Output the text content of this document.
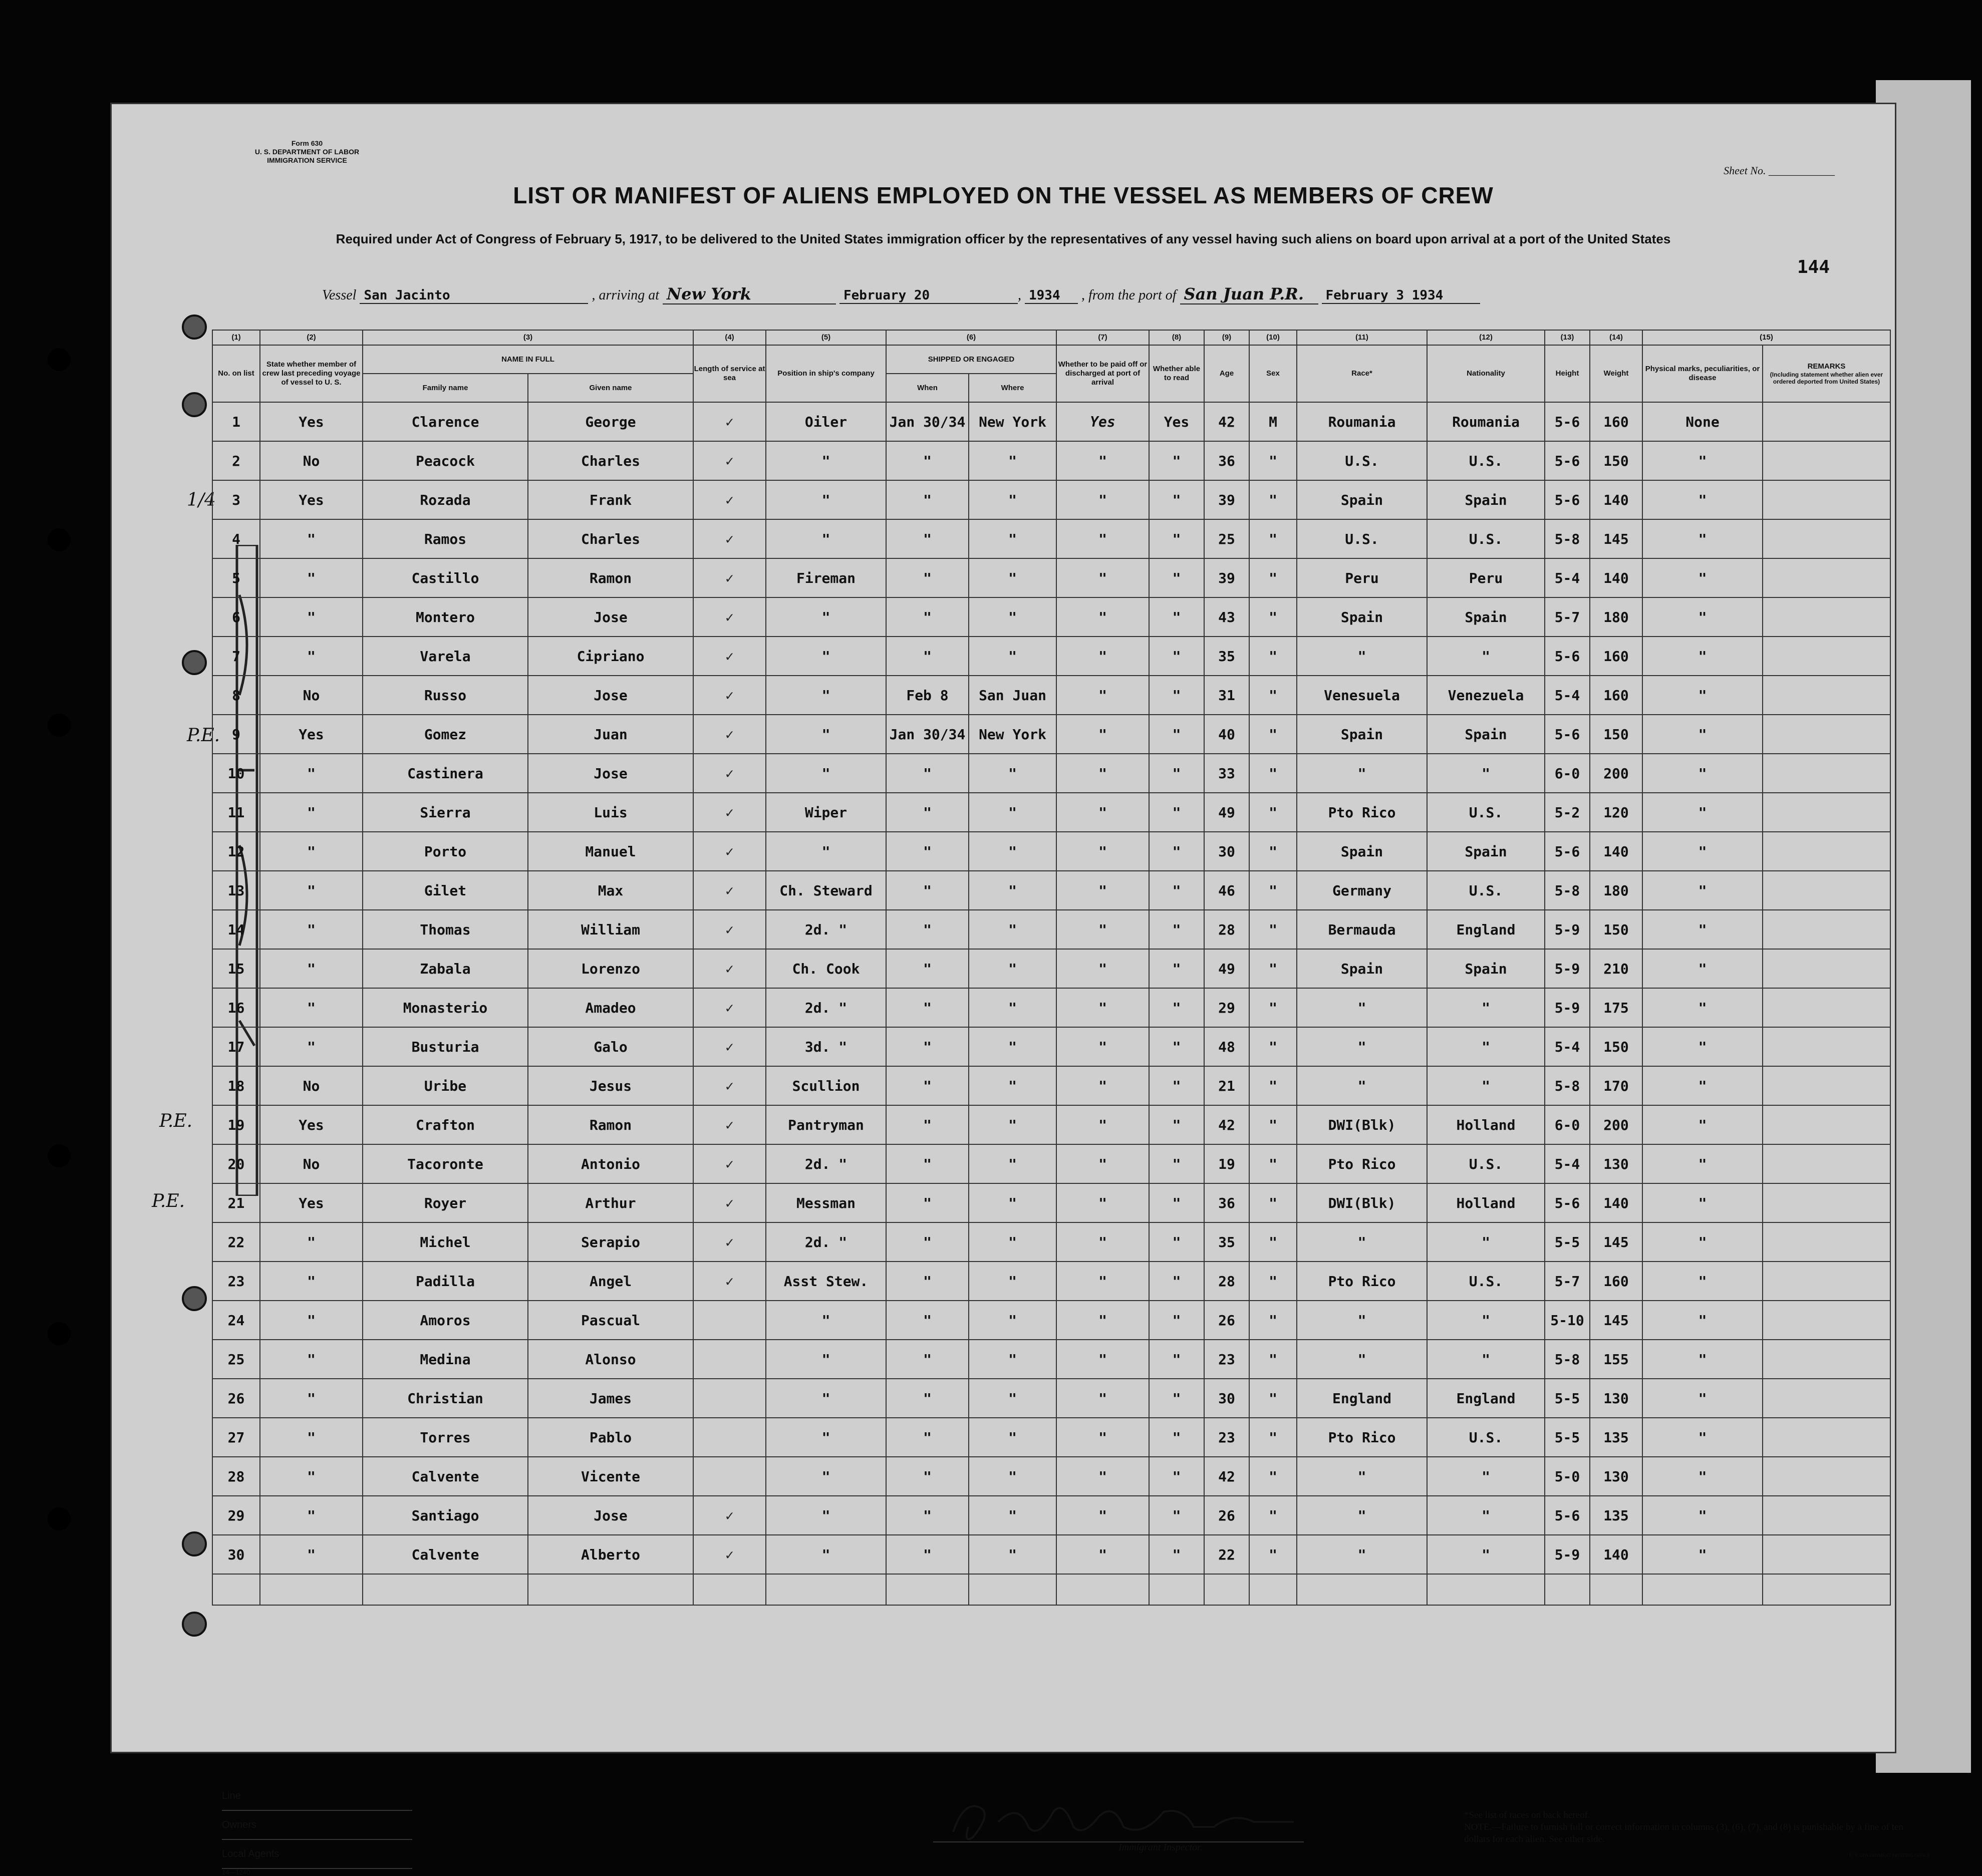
Form 630
U. S. DEPARTMENT OF LABOR
IMMIGRATION SERVICE
Sheet No. ____________
LIST OR MANIFEST OF ALIENS EMPLOYED ON THE VESSEL AS MEMBERS OF CREW
Required under Act of Congress of February 5, 1917, to be delivered to the United States immigration officer by the representatives of any vessel having such aliens on board upon arrival at a port of the United States
144
1/4
P.E.
P.E.
P.E.
Vessel San Jacinto	, arriving at New York	February 20	, 1934 , from the port of San Juan P.R. February 3 1934
(1)	(2)	(3)		(4)	(5)	(6)		(7)	(8)	(9)	(10)	(11)	(12)	(13)	(14)	(15)	
No. on list	State whether member of crew last preceding voyage of vessel to U. S.	NAME IN FULL		Length of service at sea	Position in ship's company	SHIPPED OR ENGAGED		Whether to be paid off or discharged at port of arrival	Whether able to read	Age	Sex	Race*	Nationality	Height	Weight	Physical marks, peculiarities, or disease	REMARKS
(Including statement whether alien ever ordered deported from United States)

		Family name	Given name			When	Where										
1	Yes	Clarence	George	✓	Oiler	Jan 30/34	New York	Yes	Yes	42	M	Roumania	Roumania	5-6	160	None	
2	No	Peacock	Charles	✓	"	"	"	"	"	36	"	U.S.	U.S.	5-6	150	"	
3	Yes	Rozada	Frank	✓	"	"	"	"	"	39	"	Spain	Spain	5-6	140	"	
4	"	Ramos	Charles	✓	"	"	"	"	"	25	"	U.S.	U.S.	5-8	145	"	
5	"	Castillo	Ramon	✓	Fireman	"	"	"	"	39	"	Peru	Peru	5-4	140	"	
6	"	Montero	Jose	✓	"	"	"	"	"	43	"	Spain	Spain	5-7	180	"	
7	"	Varela	Cipriano	✓	"	"	"	"	"	35	"	"	"	5-6	160	"	
8	No	Russo	Jose	✓	"	Feb 8	San Juan	"	"	31	"	Venesuela	Venezuela	5-4	160	"	
9	Yes	Gomez	Juan	✓	"	Jan 30/34	New York	"	"	40	"	Spain	Spain	5-6	150	"	
10	"	Castinera	Jose	✓	"	"	"	"	"	33	"	"	"	6-0	200	"	
11	"	Sierra	Luis	✓	Wiper	"	"	"	"	49	"	Pto Rico	U.S.	5-2	120	"	
12	"	Porto	Manuel	✓	"	"	"	"	"	30	"	Spain	Spain	5-6	140	"	
13	"	Gilet	Max	✓	Ch. Steward	"	"	"	"	46	"	Germany	U.S.	5-8	180	"	
14	"	Thomas	William	✓	2d. "	"	"	"	"	28	"	Bermauda	England	5-9	150	"	
15	"	Zabala	Lorenzo	✓	Ch. Cook	"	"	"	"	49	"	Spain	Spain	5-9	210	"	
16	"	Monasterio	Amadeo	✓	2d. "	"	"	"	"	29	"	"	"	5-9	175	"	
17	"	Busturia	Galo	✓	3d. "	"	"	"	"	48	"	"	"	5-4	150	"	
18	No	Uribe	Jesus	✓	Scullion	"	"	"	"	21	"	"	"	5-8	170	"	
19	Yes	Crafton	Ramon	✓	Pantryman	"	"	"	"	42	"	DWI(Blk)	Holland	6-0	200	"	
20	No	Tacoronte	Antonio	✓	2d. "	"	"	"	"	19	"	Pto Rico	U.S.	5-4	130	"	
21	Yes	Royer	Arthur	✓	Messman	"	"	"	"	36	"	DWI(Blk)	Holland	5-6	140	"	
22	"	Michel	Serapio	✓	2d. "	"	"	"	"	35	"	"	"	5-5	145	"	
23	"	Padilla	Angel	✓	Asst Stew.	"	"	"	"	28	"	Pto Rico	U.S.	5-7	160	"	
24	"	Amoros	Pascual		"	"	"	"	"	26	"	"	"	5-10	145	"	
25	"	Medina	Alonso		"	"	"	"	"	23	"	"	"	5-8	155	"	
26	"	Christian	James		"	"	"	"	"	30	"	England	England	5-5	130	"	
27	"	Torres	Pablo		"	"	"	"	"	23	"	Pto Rico	U.S.	5-5	135	"	
28	"	Calvente	Vicente		"	"	"	"	"	42	"	"	"	5-0	130	"	
29	"	Santiago	Jose	✓	"	"	"	"	"	26	"	"	"	5-6	135	"	
30	"	Calvente	Alberto	✓	"	"	"	"	"	22	"	"	"	5-9	140	"	

Line
Owners
Local Agents
14—1240
Immigrant Inspector.
*See list of races on back hereof.
NOTE.—Failure to furnish full or correct information in columns (3), (6), (7), and (8) is punishable by a fine of ten dollars for each alien. See other side.
U. S. GOVERNMENT PRINTING OFFICE
